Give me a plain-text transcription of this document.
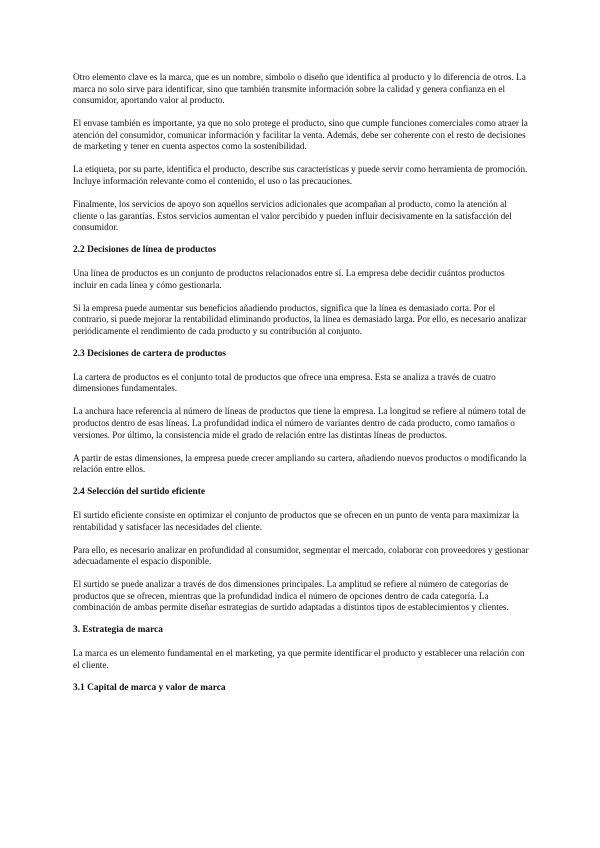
Otro elemento clave es la marca, que es un nombre, símbolo o diseño que identifica al producto y lo diferencia de otros. La marca no solo sirve para identificar, sino que también transmite información sobre la calidad y genera confianza en el consumidor, aportando valor al producto.

El envase también es importante, ya que no solo protege el producto, sino que cumple funciones comerciales como atraer la atención del consumidor, comunicar información y facilitar la venta. Además, debe ser coherente con el resto de decisiones de marketing y tener en cuenta aspectos como la sostenibilidad.

La etiqueta, por su parte, identifica el producto, describe sus características y puede servir como herramienta de promoción. Incluye información relevante como el contenido, el uso o las precauciones.

Finalmente, los servicios de apoyo son aquellos servicios adicionales que acompañan al producto, como la atención al cliente o las garantías. Estos servicios aumentan el valor percibido y pueden influir decisivamente en la satisfacción del consumidor.

2.2 Decisiones de línea de productos

Una línea de productos es un conjunto de productos relacionados entre sí. La empresa debe decidir cuántos productos incluir en cada línea y cómo gestionarla.

Si la empresa puede aumentar sus beneficios añadiendo productos, significa que la línea es demasiado corta. Por el contrario, si puede mejorar la rentabilidad eliminando productos, la línea es demasiado larga. Por ello, es necesario analizar periódicamente el rendimiento de cada producto y su contribución al conjunto.

2.3 Decisiones de cartera de productos

La cartera de productos es el conjunto total de productos que ofrece una empresa. Esta se analiza a través de cuatro dimensiones fundamentales.

La anchura hace referencia al número de líneas de productos que tiene la empresa. La longitud se refiere al número total de productos dentro de esas líneas. La profundidad indica el número de variantes dentro de cada producto, como tamaños o versiones. Por último, la consistencia mide el grado de relación entre las distintas líneas de productos.

A partir de estas dimensiones, la empresa puede crecer ampliando su cartera, añadiendo nuevos productos o modificando la relación entre ellos.

2.4 Selección del surtido eficiente

El surtido eficiente consiste en optimizar el conjunto de productos que se ofrecen en un punto de venta para maximizar la rentabilidad y satisfacer las necesidades del cliente.

Para ello, es necesario analizar en profundidad al consumidor, segmentar el mercado, colaborar con proveedores y gestionar adecuadamente el espacio disponible.

El surtido se puede analizar a través de dos dimensiones principales. La amplitud se refiere al número de categorías de productos que se ofrecen, mientras que la profundidad indica el número de opciones dentro de cada categoría. La combinación de ambas permite diseñar estrategias de surtido adaptadas a distintos tipos de establecimientos y clientes.

3. Estrategia de marca

La marca es un elemento fundamental en el marketing, ya que permite identificar el producto y establecer una relación con el cliente.

3.1 Capital de marca y valor de marca
